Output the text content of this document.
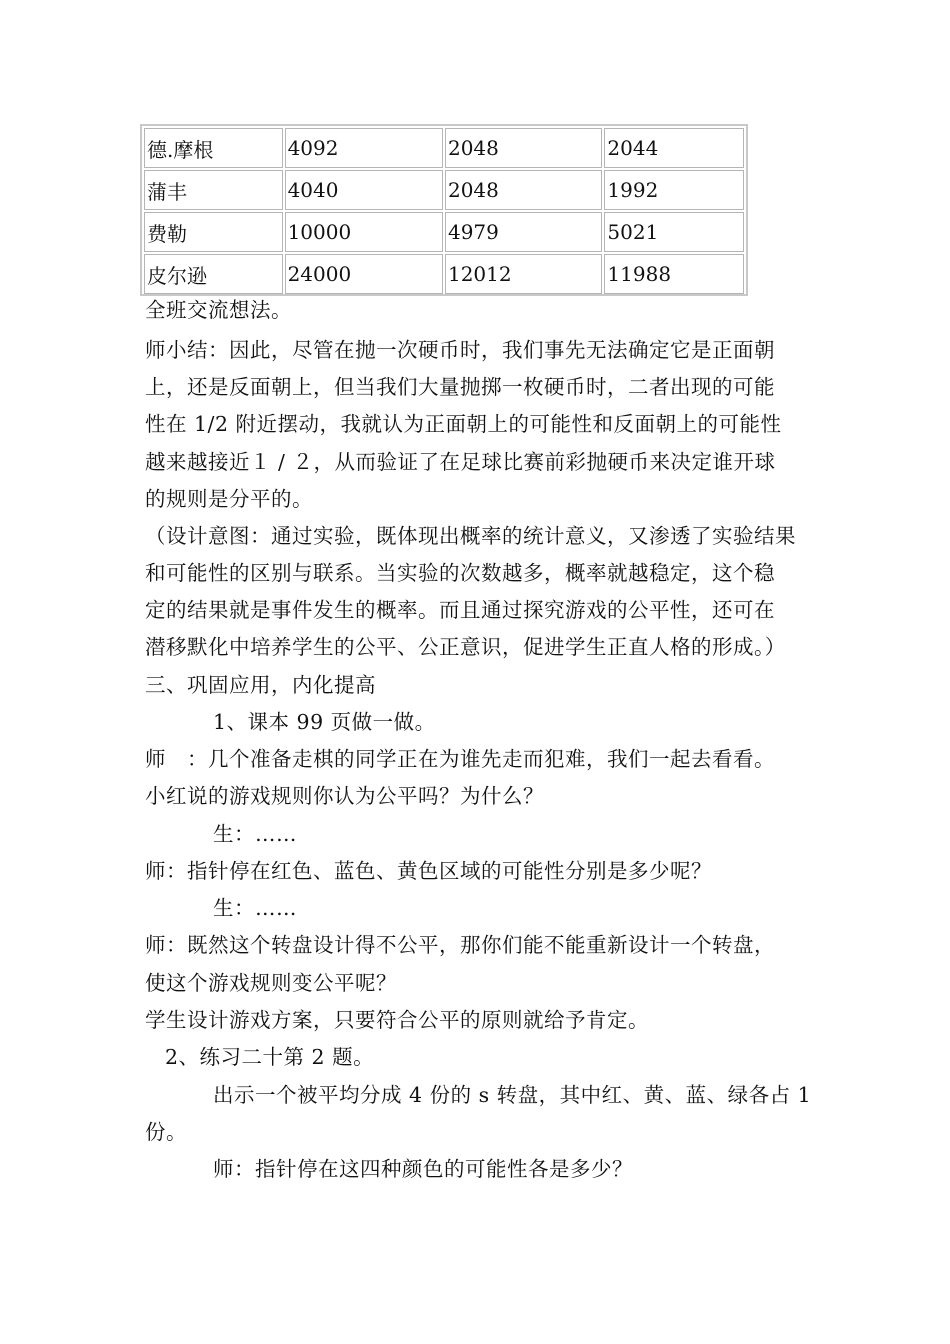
德.摩根	4092	2048	2044
蒲丰	4040	2048	1992
费勒	10000	4979	5021
皮尔逊	24000	12012	11988
全班交流想法。
师小结：因此，尽管在抛一次硬币时，我们事先无法确定它是正面朝
上，还是反面朝上，但当我们大量抛掷一枚硬币时，二者出现的可能
性在 1/2 附近摆动，我就认为正面朝上的可能性和反面朝上的可能性
越来越接近１ / ２，从而验证了在足球比赛前彩抛硬币来决定谁开球
的规则是分平的。
（设计意图：通过实验，既体现出概率的统计意义，又渗透了实验结果
和可能性的区别与联系。当实验的次数越多，概率就越稳定，这个稳
定的结果就是事件发生的概率。而且通过探究游戏的公平性，还可在
潜移默化中培养学生的公平、公正意识，促进学生正直人格的形成。）
三、巩固应用，内化提高
1、课本 99 页做一做。
师　：几个准备走棋的同学正在为谁先走而犯难，我们一起去看看。
小红说的游戏规则你认为公平吗？为什么？
生：……
师：指针停在红色、蓝色、黄色区域的可能性分别是多少呢？
生：……
师：既然这个转盘设计得不公平，那你们能不能重新设计一个转盘，
使这个游戏规则变公平呢？
学生设计游戏方案，只要符合公平的原则就给予肯定。
2、练习二十第 2 题。
出示一个被平均分成 4 份的 s 转盘，其中红、黄、蓝、绿各占 1
份。
师：指针停在这四种颜色的可能性各是多少？
